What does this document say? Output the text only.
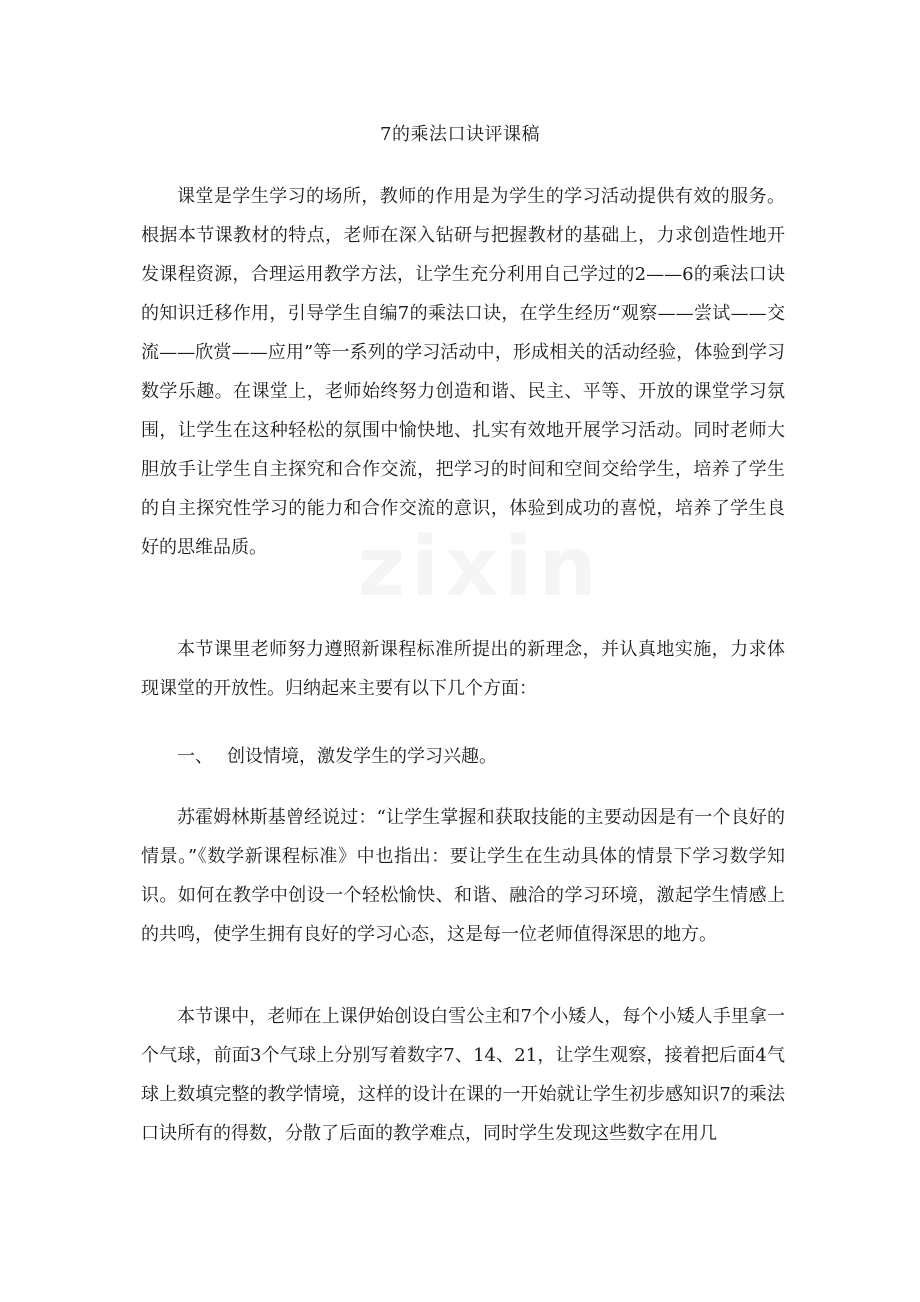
zixin
7的乘法口诀评课稿

课堂是学生学习的场所，教师的作用是为学生的学习活动提供有效的服务。根据本节课教材的特点，老师在深入钻研与把握教材的基础上，力求创造性地开发课程资源，合理运用教学方法，让学生充分利用自己学过的2——6的乘法口诀的知识迁移作用，引导学生自编7的乘法口诀，在学生经历“观察——尝试——交流——欣赏——应用”等一系列的学习活动中，形成相关的活动经验，体验到学习数学乐趣。在课堂上，老师始终努力创造和谐、民主、平等、开放的课堂学习氛围，让学生在这种轻松的氛围中愉快地、扎实有效地开展学习活动。同时老师大胆放手让学生自主探究和合作交流，把学习的时间和空间交给学生，培养了学生的自主探究性学习的能力和合作交流的意识，体验到成功的喜悦，培养了学生良好的思维品质。

本节课里老师努力遵照新课程标准所提出的新理念，并认真地实施，力求体现课堂的开放性。归纳起来主要有以下几个方面：

一、 创设情境，激发学生的学习兴趣。

苏霍姆林斯基曾经说过：“让学生掌握和获取技能的主要动因是有一个良好的情景。”《数学新课程标准》中也指出：要让学生在生动具体的情景下学习数学知识。如何在教学中创设一个轻松愉快、和谐、融洽的学习环境，激起学生情感上的共鸣，使学生拥有良好的学习心态，这是每一位老师值得深思的地方。

本节课中，老师在上课伊始创设白雪公主和7个小矮人，每个小矮人手里拿一个气球，前面3个气球上分别写着数字7、14、21，让学生观察，接着把后面4气球上数填完整的教学情境，这样的设计在课的一开始就让学生初步感知识7的乘法口诀所有的得数，分散了后面的教学难点，同时学生发现这些数字在用几
